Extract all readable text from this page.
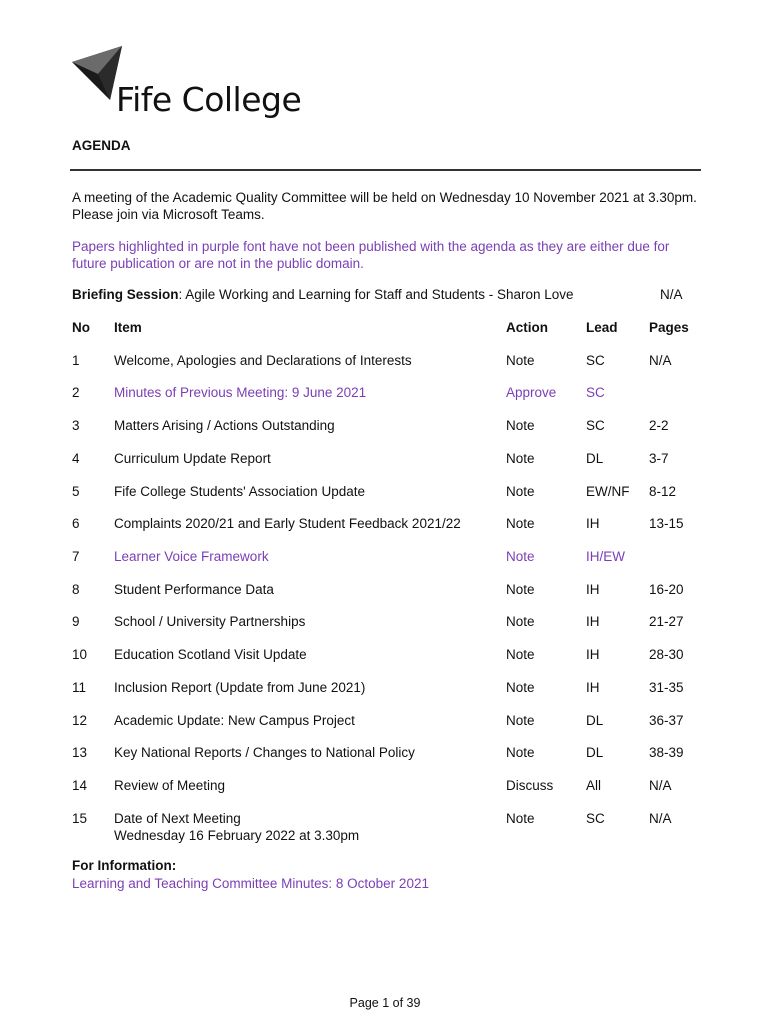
Fife College
AGENDA
A meeting of the Academic Quality Committee will be held on Wednesday 10 November 2021 at 3.30pm. Please join via Microsoft Teams.
Papers highlighted in purple font have not been published with the agenda as they are either due for future publication or are not in the public domain.
Briefing Session: Agile Working and Learning for Staff and Students - Sharon Love	N/A
No Item	Action	Lead Pages
1	Welcome, Apologies and Declarations of Interests	Note	SC	N/A
2	Minutes of Previous Meeting: 9 June 2021	Approve SC
3	Matters Arising / Actions Outstanding	Note	SC	2-2
4	Curriculum Update Report	Note	DL	3-7
5	Fife College Students' Association Update	Note	EW/NF 8-12
6	Complaints 2020/21 and Early Student Feedback 2021/22	Note	IH	13-15
7	Learner Voice Framework	Note	IH/EW
8	Student Performance Data	Note	IH	16-20
9	School / University Partnerships	Note	IH	21-27
10 Education Scotland Visit Update	Note	IH	28-30
11 Inclusion Report (Update from June 2021)	Note	IH	31-35
12 Academic Update: New Campus Project	Note	DL	36-37
13 Key National Reports / Changes to National Policy	Note	DL	38-39
14 Review of Meeting	Discuss All	N/A
15 Date of Next Meeting	Note	SC	N/A
Wednesday 16 February 2022 at 3.30pm
For Information:
Learning and Teaching Committee Minutes: 8 October 2021
Page 1 of 39
